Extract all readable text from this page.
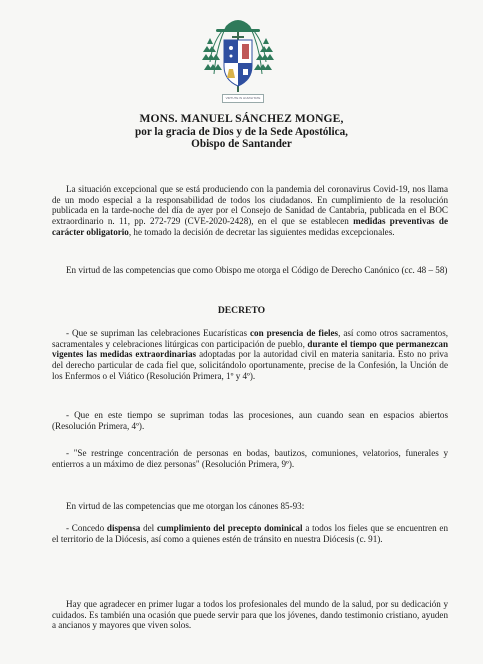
VIRTUTE IN HUMILITATE
MONS. MANUEL SÁNCHEZ MONGE,
por la gracia de Dios y de la Sede Apostólica,
Obispo de Santander
La situación excepcional que se está produciendo con la pandemia del coronavirus Covid-19, nos llama de un modo especial a la responsabilidad de todos los ciudadanos. En cumplimiento de la resolución publicada en la tarde-noche del día de ayer por el Consejo de Sanidad de Cantabria, publicada en el BOC extraordinario n. 11, pp. 272-729 (CVE-2020-2428), en el que se establecen medidas preventivas de carácter obligatorio, he tomado la decisión de decretar las siguientes medidas excepcionales.
En virtud de las competencias que como Obispo me otorga el Código de Derecho Canónico (cc. 48 – 58)
DECRETO
- Que se supriman las celebraciones Eucarísticas con presencia de fieles, así como otros sacramentos, sacramentales y celebraciones litúrgicas con participación de pueblo, durante el tiempo que permanezcan vigentes las medidas extraordinarias adoptadas por la autoridad civil en materia sanitaria. Esto no priva del derecho particular de cada fiel que, solicitándolo oportunamente, precise de la Confesión, la Unción de los Enfermos o el Viático (Resolución Primera, 1º y 4º).
- Que en este tiempo se supriman todas las procesiones, aun cuando sean en espacios abiertos (Resolución Primera, 4º).
- "Se restringe concentración de personas en bodas, bautizos, comuniones, velatorios, funerales y entierros a un máximo de diez personas" (Resolución Primera, 9º).
En virtud de las competencias que me otorgan los cánones 85-93:
- Concedo dispensa del cumplimiento del precepto dominical a todos los fieles que se encuentren en el territorio de la Diócesis, así como a quienes estén de tránsito en nuestra Diócesis (c. 91).
Hay que agradecer en primer lugar a todos los profesionales del mundo de la salud, por su dedicación y cuidados. Es también una ocasión que puede servir para que los jóvenes, dando testimonio cristiano, ayuden a ancianos y mayores que viven solos.
